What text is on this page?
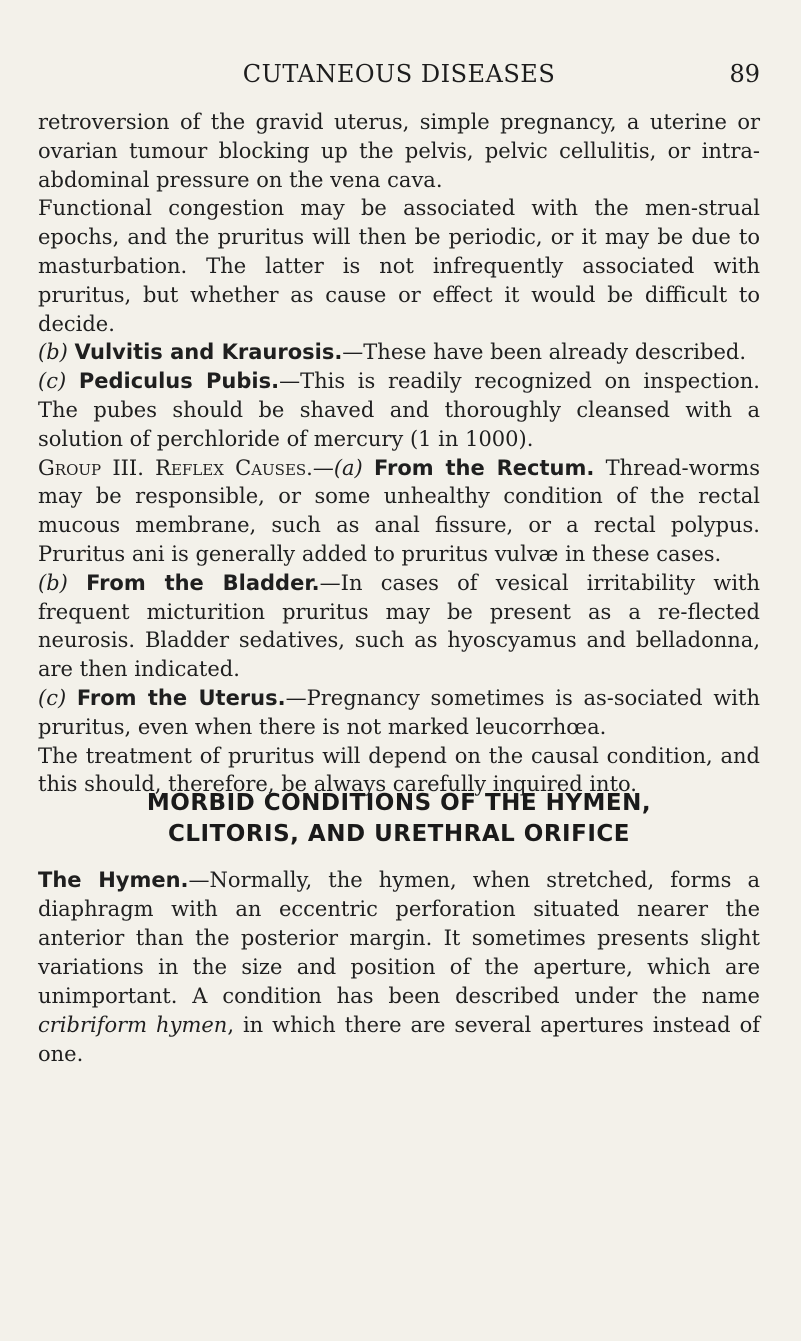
CUTANEOUS DISEASES	89

retroversion of the gravid uterus, simple pregnancy, a uterine or ovarian tumour blocking up the pelvis, pelvic cellulitis, or intra-abdominal pressure on the vena cava.

Functional congestion may be associated with the men-strual epochs, and the pruritus will then be periodic, or it may be due to masturbation. The latter is not infrequently associated with pruritus, but whether as cause or effect it would be difficult to decide.

(b) Vulvitis and Kraurosis.—These have been already described.

(c) Pediculus Pubis.—This is readily recognized on inspection. The pubes should be shaved and thoroughly cleansed with a solution of perchloride of mercury (1 in 1000).

Group III. Reflex Causes.—(a) From the Rectum. Thread-worms may be responsible, or some unhealthy condition of the rectal mucous membrane, such as anal fissure, or a rectal polypus. Pruritus ani is generally added to pruritus vulvæ in these cases.

(b) From the Bladder.—In cases of vesical irritability with frequent micturition pruritus may be present as a re-flected neurosis. Bladder sedatives, such as hyoscyamus and belladonna, are then indicated.

(c) From the Uterus.—Pregnancy sometimes is as-sociated with pruritus, even when there is not marked leucorrhœa.

The treatment of pruritus will depend on the causal condition, and this should, therefore, be always carefully inquired into.

MORBID CONDITIONS OF THE HYMEN,
CLITORIS, AND URETHRAL ORIFICE

The Hymen.—Normally, the hymen, when stretched, forms a diaphragm with an eccentric perforation situated nearer the anterior than the posterior margin. It sometimes presents slight variations in the size and position of the aperture, which are unimportant. A condition has been described under the name cribriform hymen, in which there are several apertures instead of one.
